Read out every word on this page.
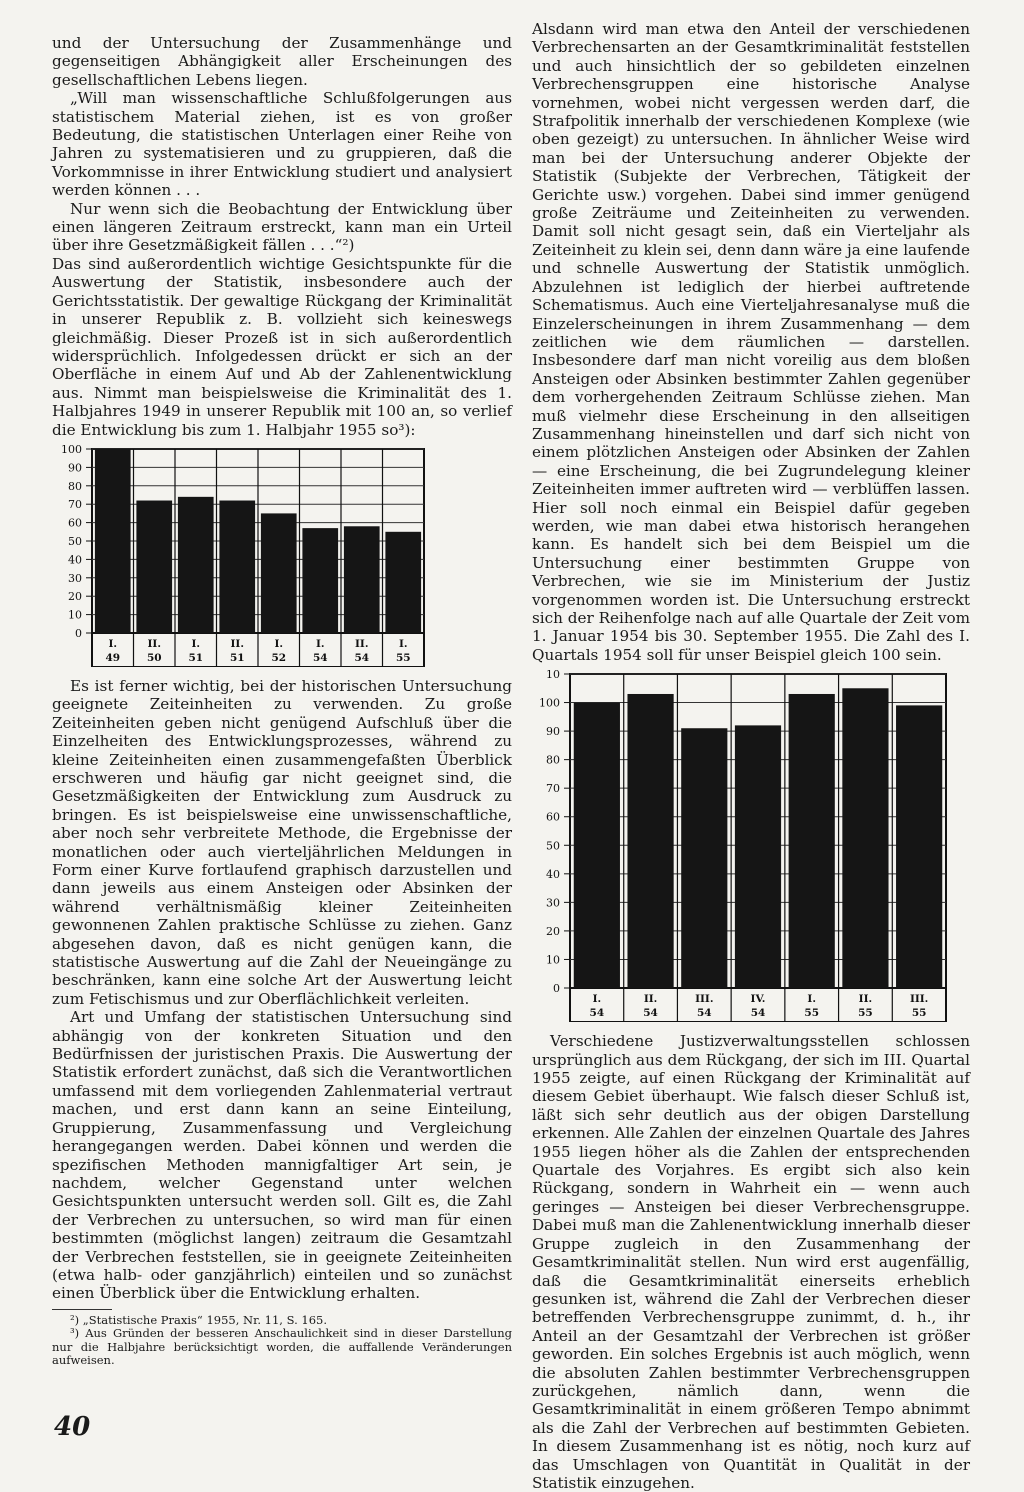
und der Untersuchung der Zusammenhänge und gegenseitigen Abhängigkeit aller Erscheinungen des gesellschaftlichen Lebens liegen.

„Will man wissenschaftliche Schlußfolgerungen aus statistischem Material ziehen, ist es von großer Bedeutung, die statistischen Unterlagen einer Reihe von Jahren zu systematisieren und zu gruppieren, daß die Vorkommnisse in ihrer Entwicklung studiert und analysiert werden können . . .

Nur wenn sich die Beobachtung der Entwicklung über einen längeren Zeitraum erstreckt, kann man ein Urteil über ihre Gesetzmäßigkeit fällen . . .“²)

Das sind außerordentlich wichtige Gesichtspunkte für die Auswertung der Statistik, insbesondere auch der Gerichtsstatistik. Der gewaltige Rückgang der Kriminalität in unserer Republik z. B. vollzieht sich keineswegs gleichmäßig. Dieser Prozeß ist in sich außerordentlich widersprüchlich. Infolgedessen drückt er sich an der Oberfläche in einem Auf und Ab der Zahlenentwicklung aus. Nimmt man beispielsweise die Kriminalität des 1. Halbjahres 1949 in unserer Republik mit 100 an, so verlief die Entwicklung bis zum 1. Halbjahr 1955 so³):

0
10
20
30
40
50
60
70
80
90
100
I.
49
II.
50
I.
51
II.
51
I.
52
I.
54
II.
54
I.
55

Es ist ferner wichtig, bei der historischen Untersuchung geeignete Zeiteinheiten zu verwenden. Zu große Zeiteinheiten geben nicht genügend Aufschluß über die Einzelheiten des Entwicklungsprozesses, während zu kleine Zeiteinheiten einen zusammengefaßten Überblick erschweren und häufig gar nicht geeignet sind, die Gesetzmäßigkeiten der Entwicklung zum Ausdruck zu bringen. Es ist beispielsweise eine unwissenschaftliche, aber noch sehr verbreitete Methode, die Ergebnisse der monatlichen oder auch vierteljährlichen Meldungen in Form einer Kurve fortlaufend graphisch darzustellen und dann jeweils aus einem Ansteigen oder Absinken der während verhältnismäßig kleiner Zeiteinheiten gewonnenen Zahlen praktische Schlüsse zu ziehen. Ganz abgesehen davon, daß es nicht genügen kann, die statistische Auswertung auf die Zahl der Neueingänge zu beschränken, kann eine solche Art der Auswertung leicht zum Fetischismus und zur Oberflächlichkeit verleiten.

Art und Umfang der statistischen Untersuchung sind abhängig von der konkreten Situation und den Bedürfnissen der juristischen Praxis. Die Auswertung der Statistik erfordert zunächst, daß sich die Verantwortlichen umfassend mit dem vorliegenden Zahlenmaterial vertraut machen, und erst dann kann an seine Einteilung, Gruppierung, Zusammenfassung und Vergleichung herangegangen werden. Dabei können und werden die spezifischen Methoden mannigfaltiger Art sein, je nachdem, welcher Gegenstand unter welchen Gesichtspunkten untersucht werden soll. Gilt es, die Zahl der Verbrechen zu untersuchen, so wird man für einen bestimmten (möglichst langen) zeitraum die Gesamtzahl der Verbrechen feststellen, sie in geeignete Zeiteinheiten (etwa halb- oder ganzjährlich) einteilen und so zunächst einen Überblick über die Entwicklung erhalten.

²) „Statistische Praxis“ 1955, Nr. 11, S. 165.

³) Aus Gründen der besseren Anschaulichkeit sind in dieser Darstellung nur die Halbjahre berücksichtigt worden, die auffallende Veränderungen aufweisen.

Alsdann wird man etwa den Anteil der verschiedenen Verbrechensarten an der Gesamtkriminalität feststellen und auch hinsichtlich der so gebildeten einzelnen Verbrechensgruppen eine historische Analyse vornehmen, wobei nicht vergessen werden darf, die Strafpolitik innerhalb der verschiedenen Komplexe (wie oben gezeigt) zu untersuchen. In ähnlicher Weise wird man bei der Untersuchung anderer Objekte der Statistik (Subjekte der Verbrechen, Tätigkeit der Gerichte usw.) vorgehen. Dabei sind immer genügend große Zeiträume und Zeiteinheiten zu verwenden. Damit soll nicht gesagt sein, daß ein Vierteljahr als Zeiteinheit zu klein sei, denn dann wäre ja eine laufende und schnelle Auswertung der Statistik unmöglich. Abzulehnen ist lediglich der hierbei auftretende Schematismus. Auch eine Vierteljahresanalyse muß die Einzelerscheinungen in ihrem Zusammenhang — dem zeitlichen wie dem räumlichen — darstellen. Insbesondere darf man nicht voreilig aus dem bloßen Ansteigen oder Absinken bestimmter Zahlen gegenüber dem vorhergehenden Zeitraum Schlüsse ziehen. Man muß vielmehr diese Erscheinung in den allseitigen Zusammenhang hineinstellen und darf sich nicht von einem plötzlichen Ansteigen oder Absinken der Zahlen — eine Erscheinung, die bei Zugrundelegung kleiner Zeiteinheiten immer auftreten wird — verblüffen lassen. Hier soll noch einmal ein Beispiel dafür gegeben werden, wie man dabei etwa historisch herangehen kann. Es handelt sich bei dem Beispiel um die Untersuchung einer bestimmten Gruppe von Verbrechen, wie sie im Ministerium der Justiz vorgenommen worden ist. Die Untersuchung erstreckt sich der Reihenfolge nach auf alle Quartale der Zeit vom 1. Januar 1954 bis 30. September 1955. Die Zahl des I. Quartals 1954 soll für unser Beispiel gleich 100 sein.

0
10
20
30
40
50
60
70
80
90
100
10
I.
54
II.
54
III.
54
IV.
54
I.
55
II.
55
III.
55

Verschiedene Justizverwaltungsstellen schlossen ursprünglich aus dem Rückgang, der sich im III. Quartal 1955 zeigte, auf einen Rückgang der Kriminalität auf diesem Gebiet überhaupt. Wie falsch dieser Schluß ist, läßt sich sehr deutlich aus der obigen Darstellung erkennen. Alle Zahlen der einzelnen Quartale des Jahres 1955 liegen höher als die Zahlen der entsprechenden Quartale des Vorjahres. Es ergibt sich also kein Rückgang, sondern in Wahrheit ein — wenn auch geringes — Ansteigen bei dieser Verbrechensgruppe. Dabei muß man die Zahlenentwicklung innerhalb dieser Gruppe zugleich in den Zusammenhang der Gesamtkriminalität stellen. Nun wird erst augenfällig, daß die Gesamtkriminalität einerseits erheblich gesunken ist, während die Zahl der Verbrechen dieser betreffenden Verbrechensgruppe zunimmt, d. h., ihr Anteil an der Gesamtzahl der Verbrechen ist größer geworden. Ein solches Ergebnis ist auch möglich, wenn die absoluten Zahlen bestimmter Verbrechensgruppen zurückgehen, nämlich dann, wenn die Gesamtkriminalität in einem größeren Tempo abnimmt als die Zahl der Verbrechen auf bestimmten Gebieten. In diesem Zusammenhang ist es nötig, noch kurz auf das Umschlagen von Quantität in Qualität in der Statistik einzugehen.

40
